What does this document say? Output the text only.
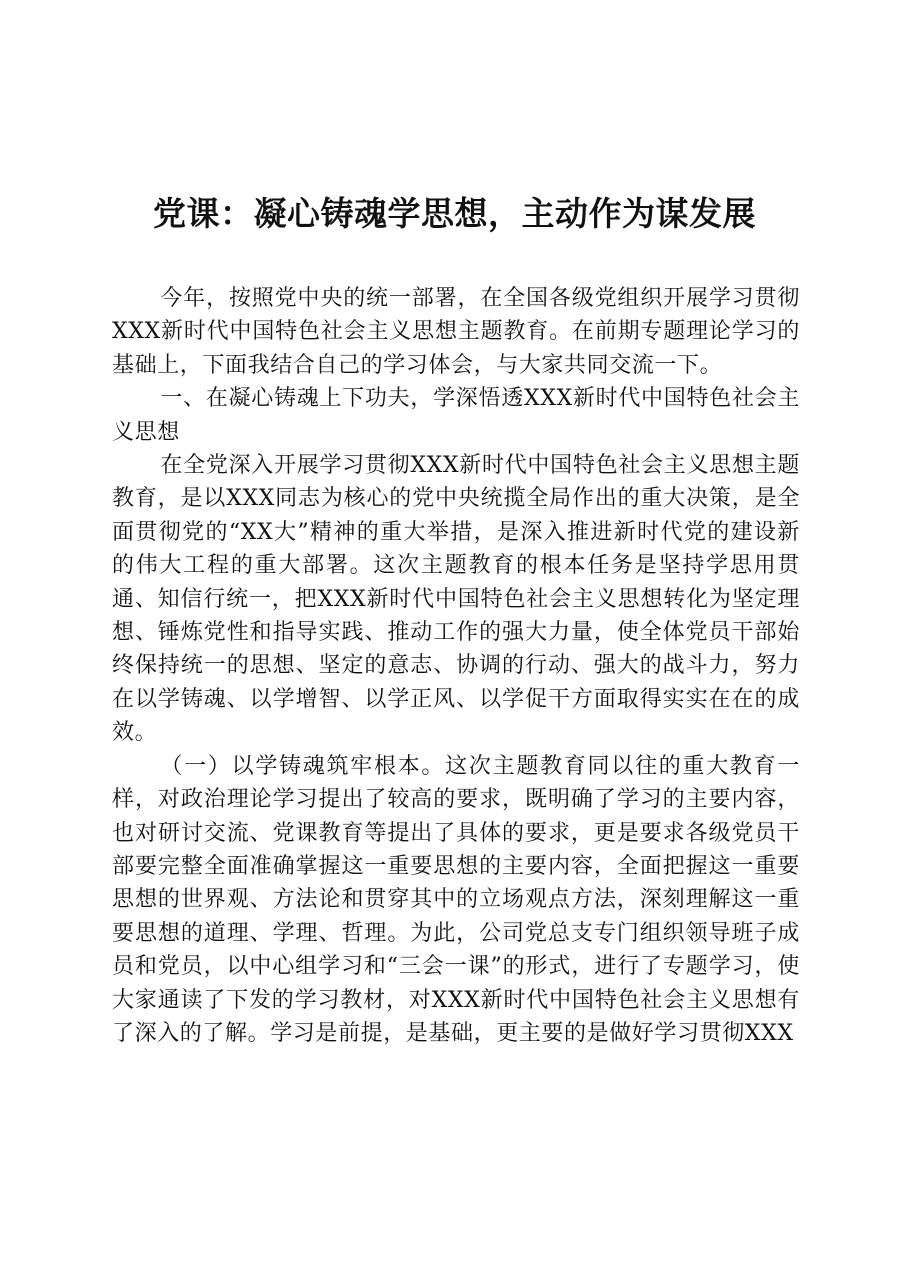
党课：凝心铸魂学思想，主动作为谋发展

今年，按照党中央的统一部署，在全国各级党组织开展学习贯彻XXX新时代中国特色社会主义思想主题教育。在前期专题理论学习的基础上，下面我结合自己的学习体会，与大家共同交流一下。

一、在凝心铸魂上下功夫，学深悟透XXX新时代中国特色社会主义思想

在全党深入开展学习贯彻XXX新时代中国特色社会主义思想主题教育，是以XXX同志为核心的党中央统揽全局作出的重大决策，是全面贯彻党的“XX大”精神的重大举措，是深入推进新时代党的建设新的伟大工程的重大部署。这次主题教育的根本任务是坚持学思用贯通、知信行统一，把XXX新时代中国特色社会主义思想转化为坚定理想、锤炼党性和指导实践、推动工作的强大力量，使全体党员干部始终保持统一的思想、坚定的意志、协调的行动、强大的战斗力，努力在以学铸魂、以学增智、以学正风、以学促干方面取得实实在在的成效。

（一）以学铸魂筑牢根本。这次主题教育同以往的重大教育一样，对政治理论学习提出了较高的要求，既明确了学习的主要内容，也对研讨交流、党课教育等提出了具体的要求，更是要求各级党员干部要完整全面准确掌握这一重要思想的主要内容，全面把握这一重要思想的世界观、方法论和贯穿其中的立场观点方法，深刻理解这一重要思想的道理、学理、哲理。为此，公司党总支专门组织领导班子成员和党员，以中心组学习和“三会一课”的形式，进行了专题学习，使大家通读了下发的学习教材，对XXX新时代中国特色社会主义思想有了深入的了解。学习是前提，是基础，更主要的是做好学习贯彻XXX
